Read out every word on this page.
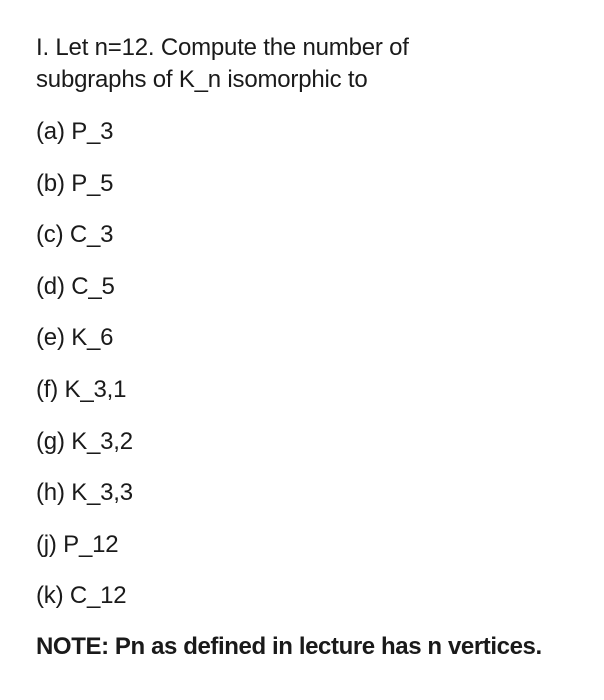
I. Let n=12. Compute the number of
subgraphs of K_n isomorphic to

(a) P_3
(b) P_5
(c) C_3
(d) C_5
(e) K_6
(f) K_3,1
(g) K_3,2
(h) K_3,3
(j) P_12
(k) C_12

NOTE: Pn as defined in lecture has n vertices.
